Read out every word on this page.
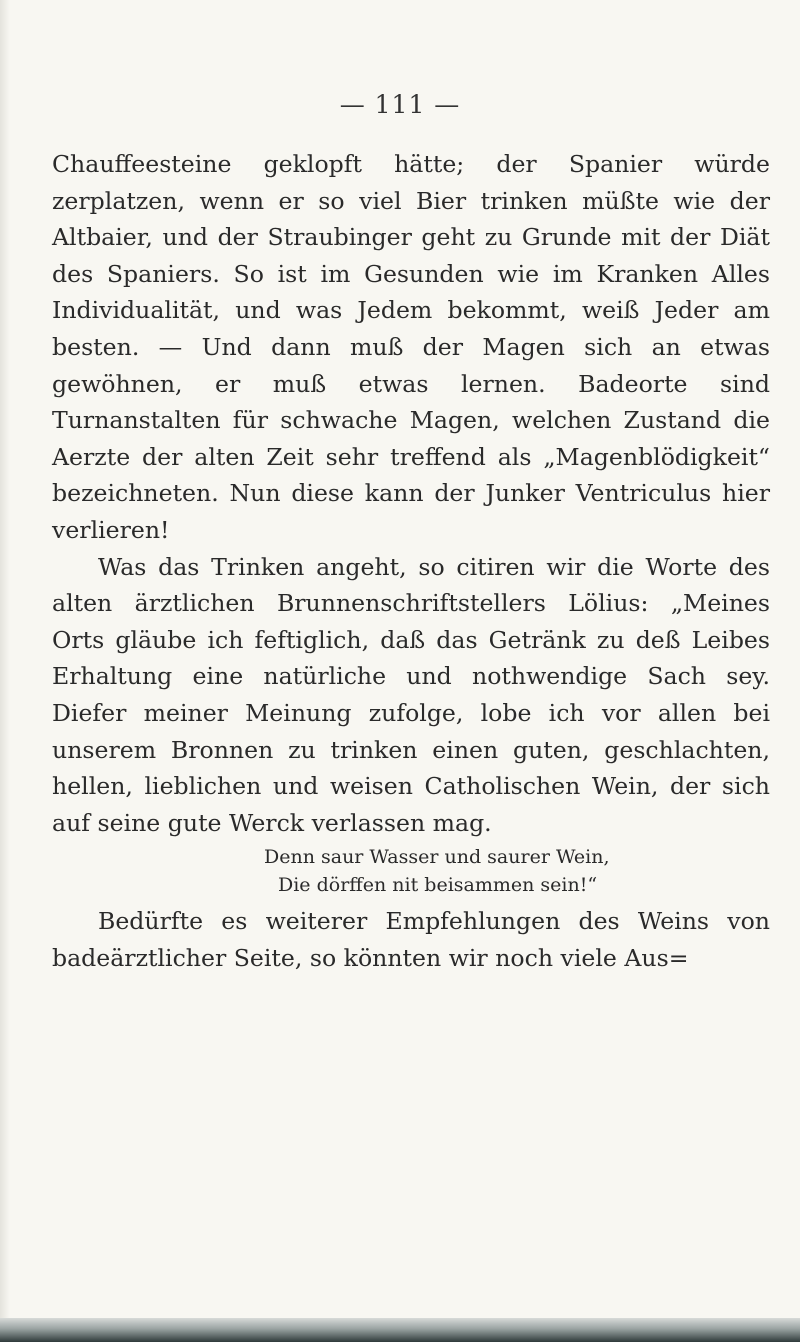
— 111 —

Chauffeesteine geklopft hätte; der Spanier würde zerplatzen, wenn er so viel Bier trinken müßte wie der Altbaier, und der Straubinger geht zu Grunde mit der Diät des Spaniers. So ist im Gesunden wie im Kranken Alles Individualität, und was Jedem bekommt, weiß Jeder am besten. — Und dann muß der Magen sich an etwas gewöhnen, er muß etwas lernen. Badeorte sind Turnanstalten für schwache Magen, welchen Zustand die Aerzte der alten Zeit sehr treffend als „Magenblödigkeit“ bezeichneten. Nun diese kann der Junker Ventriculus hier verlieren!

Was das Trinken angeht, so citiren wir die Worte des alten ärztlichen Brunnenschriftstellers Lölius: „Meines Orts gläube ich feftiglich, daß das Getränk zu deß Leibes Erhaltung eine natürliche und nothwendige Sach sey. Diefer meiner Meinung zufolge, lobe ich vor allen bei unserem Bronnen zu trinken einen guten, geschlachten, hellen, lieblichen und weisen Catholischen Wein, der sich auf seine gute Werck verlassen mag.

Denn saur Wasser und saurer Wein,
Die dörffen nit beisammen sein!“

Bedürfte es weiterer Empfehlungen des Weins von badeärztlicher Seite, so könnten wir noch viele Aus=
